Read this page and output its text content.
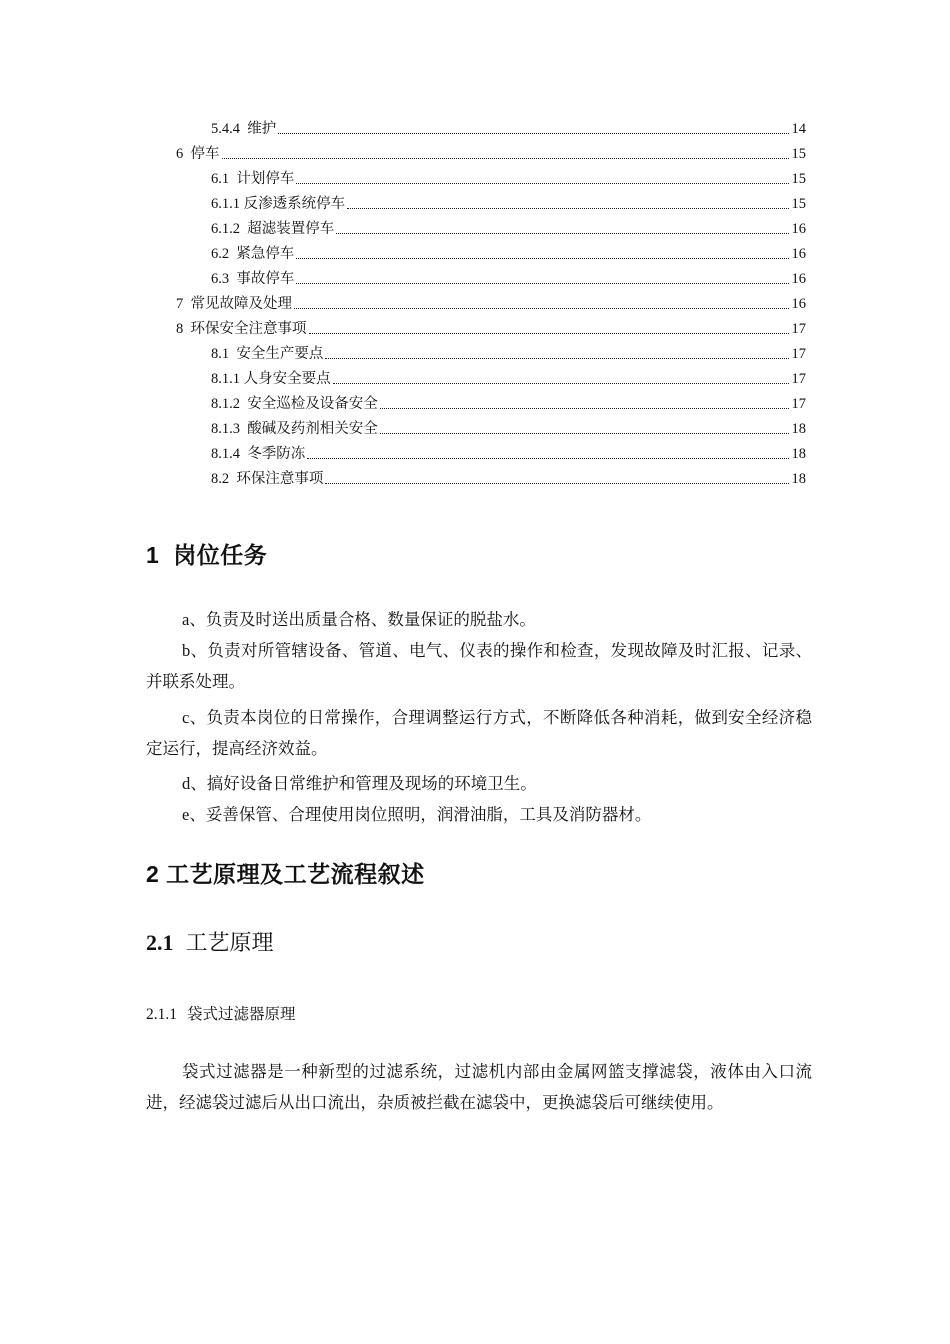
5.4.4 维护	14
6 停车	15
6.1 计划停车	15
6.1.1 反渗透系统停车	15
6.1.2 超滤装置停车	16
6.2 紧急停车	16
6.3 事故停车	16
7 常见故障及处理	16
8 环保安全注意事项	17
8.1 安全生产要点	17
8.1.1 人身安全要点	17
8.1.2 安全巡检及设备安全	17
8.1.3 酸碱及药剂相关安全	18
8.1.4 冬季防冻	18
8.2 环保注意事项	18
1 岗位任务
a、负责及时送出质量合格、数量保证的脱盐水。
b、负责对所管辖设备、管道、电气、仪表的操作和检查，发现故障及时汇报、记录、并联系处理。
c、负责本岗位的日常操作，合理调整运行方式，不断降低各种消耗，做到安全经济稳定运行，提高经济效益。
d、搞好设备日常维护和管理及现场的环境卫生。
e、妥善保管、合理使用岗位照明，润滑油脂，工具及消防器材。
2 工艺原理及工艺流程叙述
2.1 工艺原理
2.1.1 袋式过滤器原理
袋式过滤器是一种新型的过滤系统，过滤机内部由金属网篮支撑滤袋，液体由入口流进，经滤袋过滤后从出口流出，杂质被拦截在滤袋中，更换滤袋后可继续使用。
